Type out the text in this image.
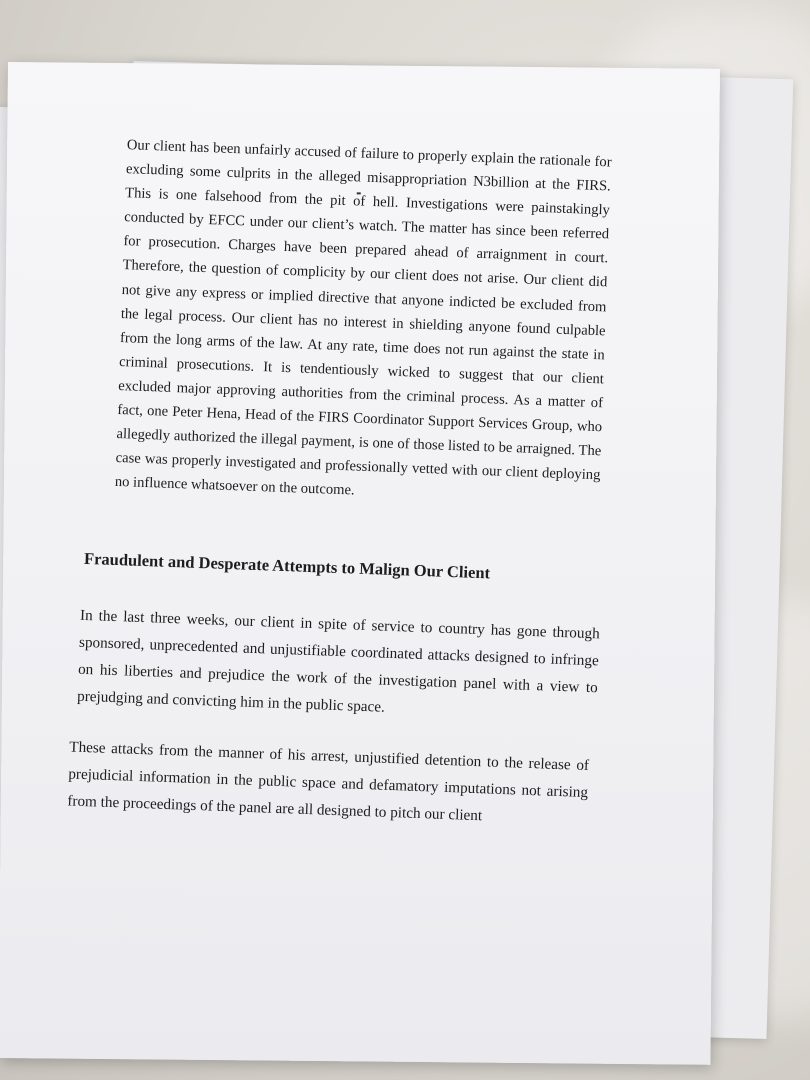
Our client has been unfairly accused of failure to properly explain the rationale for excluding some culprits in the alleged misappropriation N3billion at the FIRS. This is one falsehood from the pit of hell. Investigations were painstakingly conducted by EFCC under our client’s watch. The matter has since been referred for prosecution. Charges have been prepared ahead of arraignment in court. Therefore, the question of complicity by our client does not arise. Our client did not give any express or implied directive that anyone indicted be excluded from the legal process. Our client has no interest in shielding anyone found culpable from the long arms of the law. At any rate, time does not run against the state in criminal prosecutions. It is tendentiously wicked to suggest that our client excluded major approving authorities from the criminal process. As a matter of fact, one Peter Hena, Head of the FIRS Coordinator Support Services Group, who allegedly authorized the illegal payment, is one of those listed to be arraigned. The case was properly investigated and professionally vetted with our client deploying no influence whatsoever on the outcome.

Fraudulent and Desperate Attempts to Malign Our Client

In the last three weeks, our client in spite of service to country has gone through sponsored, unprecedented and unjustifiable coordinated attacks designed to infringe on his liberties and prejudice the work of the investigation panel with a view to prejudging and convicting him in the public space.

These attacks from the manner of his arrest, unjustified detention to the release of prejudicial information in the public space and defamatory imputations not arising from the proceedings of the panel are all designed to pitch our client
